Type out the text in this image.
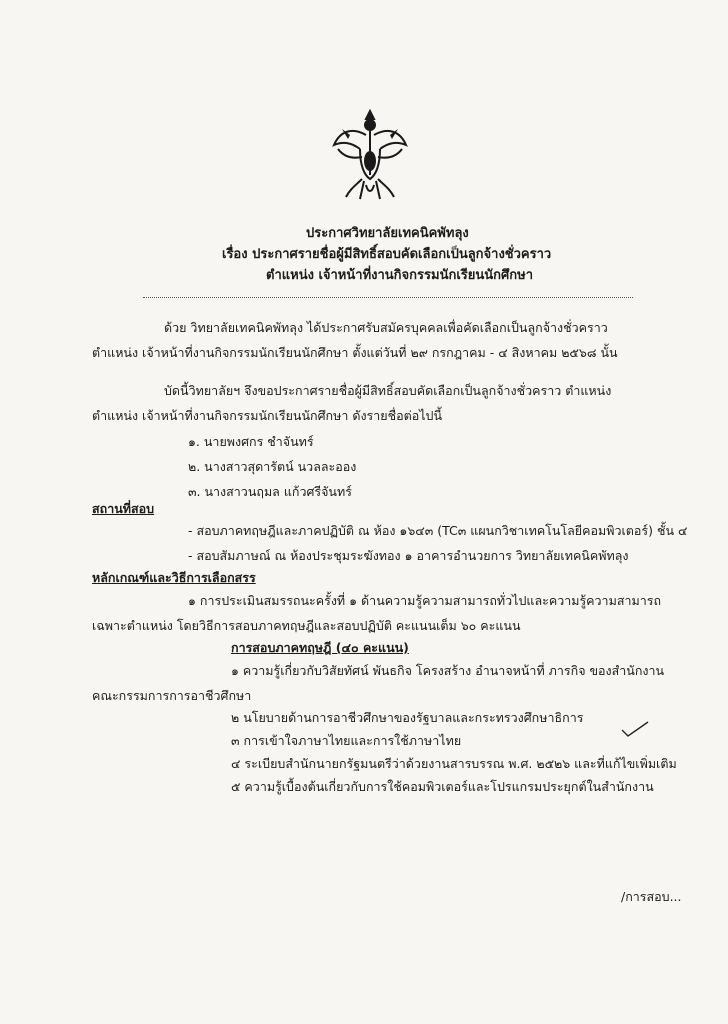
ประกาศวิทยาลัยเทคนิคพัทลุง
เรื่อง ประกาศรายชื่อผู้มีสิทธิ์สอบคัดเลือกเป็นลูกจ้างชั่วคราว
ตำแหน่ง เจ้าหน้าที่งานกิจกรรมนักเรียนนักศึกษา
ด้วย วิทยาลัยเทคนิคพัทลุง ได้ประกาศรับสมัครบุคคลเพื่อคัดเลือกเป็นลูกจ้างชั่วคราว
ตำแหน่ง เจ้าหน้าที่งานกิจกรรมนักเรียนนักศึกษา ตั้งแต่วันที่ ๒๙ กรกฎาคม - ๔ สิงหาคม ๒๕๖๘ นั้น
บัดนี้วิทยาลัยฯ จึงขอประกาศรายชื่อผู้มีสิทธิ์สอบคัดเลือกเป็นลูกจ้างชั่วคราว ตำแหน่ง
ตำแหน่ง เจ้าหน้าที่งานกิจกรรมนักเรียนนักศึกษา ดังรายชื่อต่อไปนี้
๑. นายพงศกร ชำจันทร์
๒. นางสาวสุดารัตน์ นวลละออง
๓. นางสาวนฤมล แก้วศรีจันทร์
สถานที่สอบ
- สอบภาคทฤษฎีและภาคปฏิบัติ ณ ห้อง ๑๖๔๓ (TC๓ แผนกวิชาเทคโนโลยีคอมพิวเตอร์) ชั้น ๔
- สอบสัมภาษณ์ ณ ห้องประชุมระฆังทอง ๑ อาคารอำนวยการ วิทยาลัยเทคนิคพัทลุง
หลักเกณฑ์และวิธีการเลือกสรร
๑ การประเมินสมรรถนะครั้งที่ ๑ ด้านความรู้ความสามารถทั่วไปและความรู้ความสามารถ
เฉพาะตำแหน่ง โดยวิธีการสอบภาคทฤษฎีและสอบปฏิบัติ คะแนนเต็ม ๖๐ คะแนน
การสอบภาคทฤษฎี (๔๐ คะแนน)
๑ ความรู้เกี่ยวกับวิสัยทัศน์ พันธกิจ โครงสร้าง อำนาจหน้าที่ ภารกิจ ของสำนักงาน
คณะกรรมการการอาชีวศึกษา
๒ นโยบายด้านการอาชีวศึกษาของรัฐบาลและกระทรวงศึกษาธิการ
๓ การเข้าใจภาษาไทยและการใช้ภาษาไทย
๔ ระเบียบสำนักนายกรัฐมนตรีว่าด้วยงานสารบรรณ พ.ศ. ๒๕๒๖ และที่แก้ไขเพิ่มเติม
๕ ความรู้เบื้องต้นเกี่ยวกับการใช้คอมพิวเตอร์และโปรแกรมประยุกต์ในสำนักงาน
/การสอบ...
